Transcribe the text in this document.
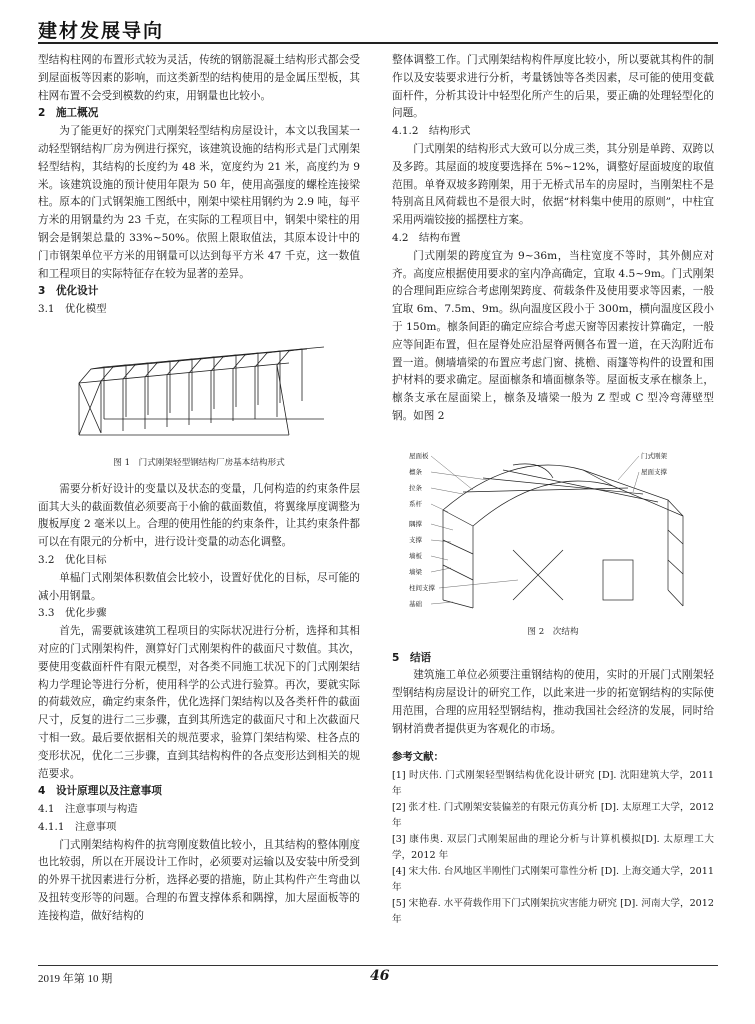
建材发展导向

型结构柱网的布置形式较为灵活，传统的钢筋混凝土结构形式都会受到屋面板等因素的影响，而这类新型的结构使用的是金属压型板，其柱网布置不会受到模数的约束，用钢量也比较小。

2　施工概况

为了能更好的探究门式刚架轻型结构房屋设计，本文以我国某一动轻型钢结构厂房为例进行探究，该建筑设施的结构形式是门式刚架轻型结构，其结构的长度约为 48 米，宽度约为 21 米，高度约为 9 米。该建筑设施的预计使用年限为 50 年，使用高强度的螺栓连接梁柱。原本的门式钢架施工图纸中，刚架中梁柱用钢约为 2.9 吨，每平方米的用钢量约为 23 千克，在实际的工程项目中，钢架中梁柱的用钢会是钢架总量的 33%~50%。依照上限取值法，其原本设计中的门市钢架单位平方米的用钢量可以达到每平方米 47 千克，这一数值和工程项目的实际特征存在较为显著的差异。

3　优化设计

3.1　优化模型

图 1　门式刚架轻型钢结构厂房基本结构形式

需要分析好设计的变量以及状态的变量，几何构造的约束条件层面其大头的截面数值必须要高于小偷的截面数值，将翼缘厚度调整为腹板厚度 2 毫米以上。合理的使用性能的约束条件，让其约束条件都可以在有限元的分析中，进行设计变量的动态化调整。

3.2　优化目标

单榀门式刚架体积数值会比较小，设置好优化的目标，尽可能的减小用钢量。

3.3　优化步骤

首先，需要就该建筑工程项目的实际状况进行分析，选择和其相对应的门式刚架构件，测算好门式刚架构件的截面尺寸数值。其次，要使用变截面杆件有限元模型，对各类不同施工状况下的门式刚架结构力学理论等进行分析，使用科学的公式进行验算。再次，要就实际的荷载效应，确定约束条件，优化选择门架结构以及各类杆件的截面尺寸，反复的进行二三步骤，直到其所选定的截面尺寸和上次截面尺寸相一致。最后要依据相关的规范要求，验算门架结构梁、柱各点的变形状况，优化二三步骤，直到其结构构件的各点变形达到相关的规范要求。

4　设计原理以及注意事项

4.1　注意事项与构造

4.1.1　注意事项

门式刚架结构构件的抗弯刚度数值比较小，且其结构的整体刚度也比较弱，所以在开展设计工作时，必须要对运输以及安装中所受到的外界干扰因素进行分析，选择必要的措施，防止其构件产生弯曲以及扭转变形等的问题。合理的布置支撑体系和隅撑，加大屋面板等的连接构造，做好结构的

整体调整工作。门式刚架结构构件厚度比较小，所以要就其构件的制作以及安装要求进行分析，考量锈蚀等各类因素，尽可能的使用变截面杆件，分析其设计中轻型化所产生的后果，要正确的处理轻型化的问题。

4.1.2　结构形式

门式刚架的结构形式大致可以分成三类，其分别是单跨、双跨以及多跨。其屋面的坡度要选择在 5%~12%，调整好屋面坡度的取值范围。单脊双坡多跨刚架，用于无桥式吊车的房屋时，当刚架柱不是特别高且风荷载也不是很大时，依据“材料集中使用的原则”，中柱宜采用两端铰接的摇摆柱方案。

4.2　结构布置

门式刚架的跨度宜为 9~36m，当柱宽度不等时，其外侧应对齐。高度应根据使用要求的室内净高确定，宜取 4.5~9m。门式刚架的合理间距应综合考虑刚架跨度、荷载条件及使用要求等因素，一般宜取 6m、7.5m、9m。纵向温度区段小于 300m，横向温度区段小于 150m。檩条间距的确定应综合考虑天窗等因素按计算确定，一般应等间距布置，但在屋脊处应沿屋脊两侧各布置一道，在天沟附近布置一道。侧墙墙梁的布置应考虑门窗、挑檐、雨篷等构件的设置和围护材料的要求确定。屋面檩条和墙面檩条等。屋面板支承在檩条上，檩条支承在屋面梁上，檩条及墙梁一般为 Z 型或 C 型冷弯薄壁型钢。如图 2

屋面板
檩条
拉条
系杆
隅撑
支撑
墙板
墙梁
柱间支撑
基础
门式刚架
屋面支撑
图 2　次结构

5　结语

建筑施工单位必须要注重钢结构的使用，实时的开展门式刚架轻型钢结构房屋设计的研究工作，以此来进一步的拓宽钢结构的实际使用范围，合理的应用轻型钢结构，推动我国社会经济的发展，同时给钢材消费者提供更为客观化的市场。

参考文献：

[1] 时庆伟. 门式刚架轻型钢结构优化设计研究 [D]. 沈阳建筑大学，2011 年

[2] 张才柱. 门式刚架安装偏差的有限元仿真分析 [D]. 太原理工大学，2012 年

[3] 康伟奥. 双层门式刚架屈曲的理论分析与计算机模拟[D]. 太原理工大学，2012 年

[4] 宋大伟. 台风地区半刚性门式刚架可靠性分析 [D]. 上海交通大学，2011 年

[5] 宋艳春. 水平荷载作用下门式刚架抗灾害能力研究 [D]. 河南大学，2012 年

2019 年第 10 期	46
